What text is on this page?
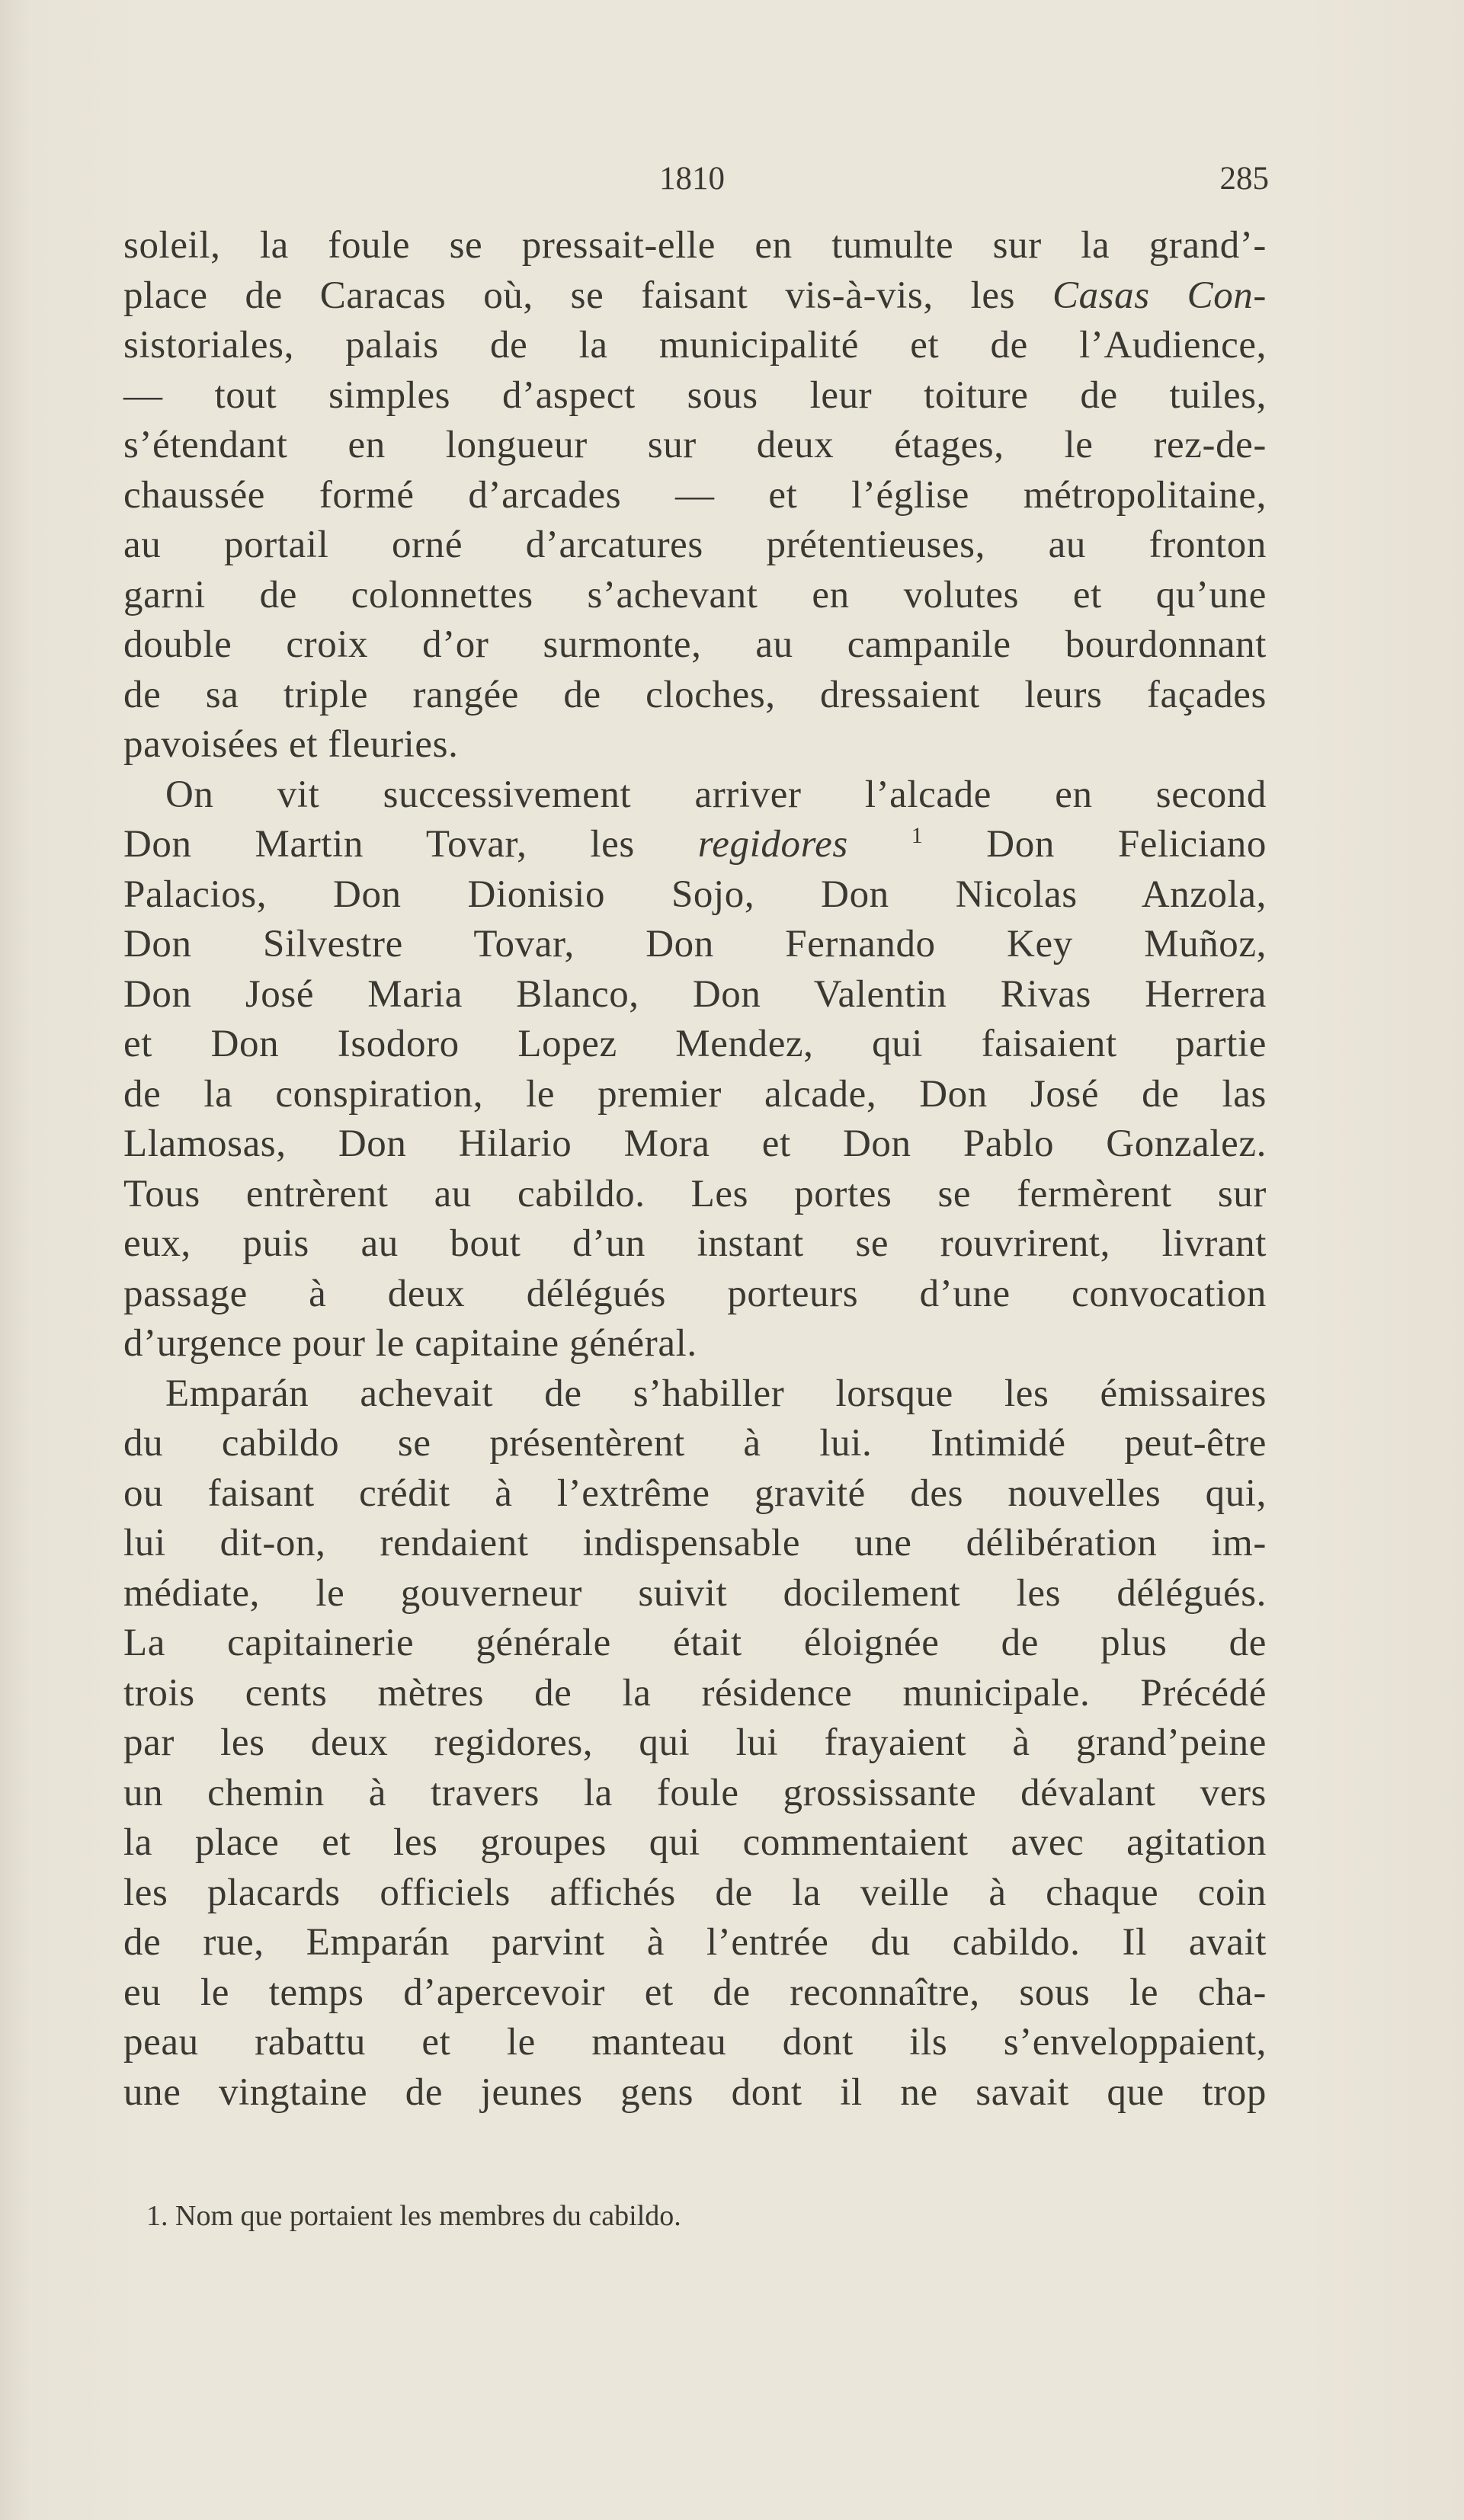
1810	285
soleil, la foule se pressait-elle en tumulte sur la grand’-
place de Caracas où, se faisant vis-à-vis, les Casas Con-
sistoriales, palais de la municipalité et de l’Audience,
— tout simples d’aspect sous leur toiture de tuiles,
s’étendant en longueur sur deux étages, le rez-de-
chaussée formé d’arcades — et l’église métropolitaine,
au portail orné d’arcatures prétentieuses, au fronton
garni de colonnettes s’achevant en volutes et qu’une
double croix d’or surmonte, au campanile bourdonnant
de sa triple rangée de cloches, dressaient leurs façades
pavoisées et fleuries.
On vit successivement arriver l’alcade en second
Don Martin Tovar, les regidores	$^1$ Don Feliciano
Palacios, Don Dionisio Sojo, Don Nicolas Anzola,
Don Silvestre Tovar, Don Fernando Key Muñoz,
Don José Maria Blanco, Don Valentin Rivas Herrera
et Don Isodoro Lopez Mendez, qui faisaient partie
de la conspiration, le premier alcade, Don José de las
Llamosas, Don Hilario Mora et Don Pablo Gonzalez.
Tous entrèrent au cabildo. Les portes se fermèrent sur
eux, puis au bout d’un instant se rouvrirent, livrant
passage à deux délégués porteurs d’une convocation
d’urgence pour le capitaine général.
Emparán achevait de s’habiller lorsque les émissaires
du cabildo se présentèrent à lui. Intimidé peut-être
ou faisant crédit à l’extrême gravité des nouvelles qui,
lui dit-on, rendaient indispensable une délibération im-
médiate, le gouverneur suivit docilement les délégués.
La capitainerie générale était éloignée de plus de
trois cents mètres de la résidence municipale. Précédé
par les deux regidores, qui lui frayaient à grand’peine
un chemin à travers la foule grossissante dévalant vers
la place et les groupes qui commentaient avec agitation
les placards officiels affichés de la veille à chaque coin
de rue, Emparán parvint à l’entrée du cabildo. Il avait
eu le temps d’apercevoir et de reconnaître, sous le cha-
peau rabattu et le manteau dont ils s’enveloppaient,
une vingtaine de jeunes gens dont il ne savait que trop
1. Nom que portaient les membres du cabildo.
